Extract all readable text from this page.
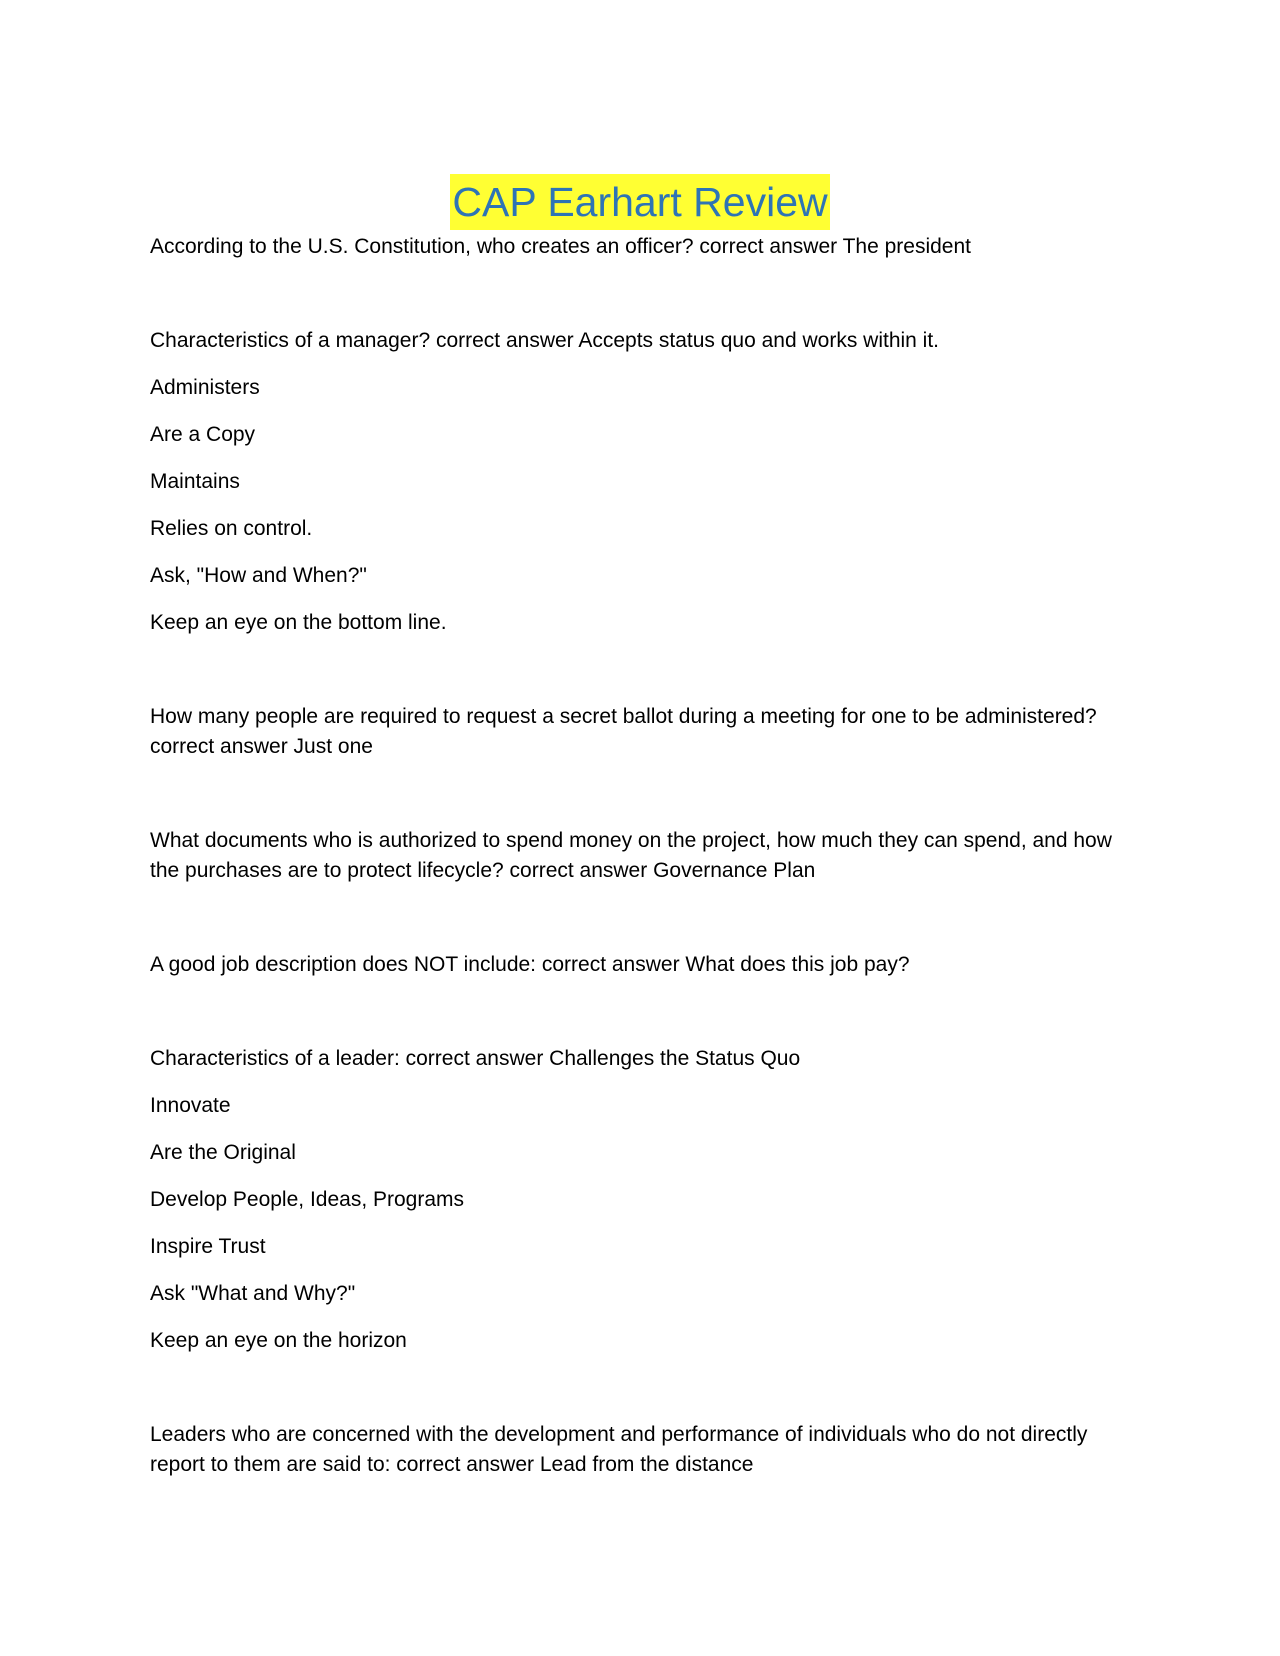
CAP Earhart Review

According to the U.S. Constitution, who creates an officer? correct answer The president

Characteristics of a manager? correct answer Accepts status quo and works within it.

Administers

Are a Copy

Maintains

Relies on control.

Ask, "How and When?"

Keep an eye on the bottom line.

How many people are required to request a secret ballot during a meeting for one to be administered? correct answer Just one

What documents who is authorized to spend money on the project, how much they can spend, and how the purchases are to protect lifecycle? correct answer Governance Plan

A good job description does NOT include: correct answer What does this job pay?

Characteristics of a leader: correct answer Challenges the Status Quo

Innovate

Are the Original

Develop People, Ideas, Programs

Inspire Trust

Ask "What and Why?"

Keep an eye on the horizon

Leaders who are concerned with the development and performance of individuals who do not directly report to them are said to: correct answer Lead from the distance
